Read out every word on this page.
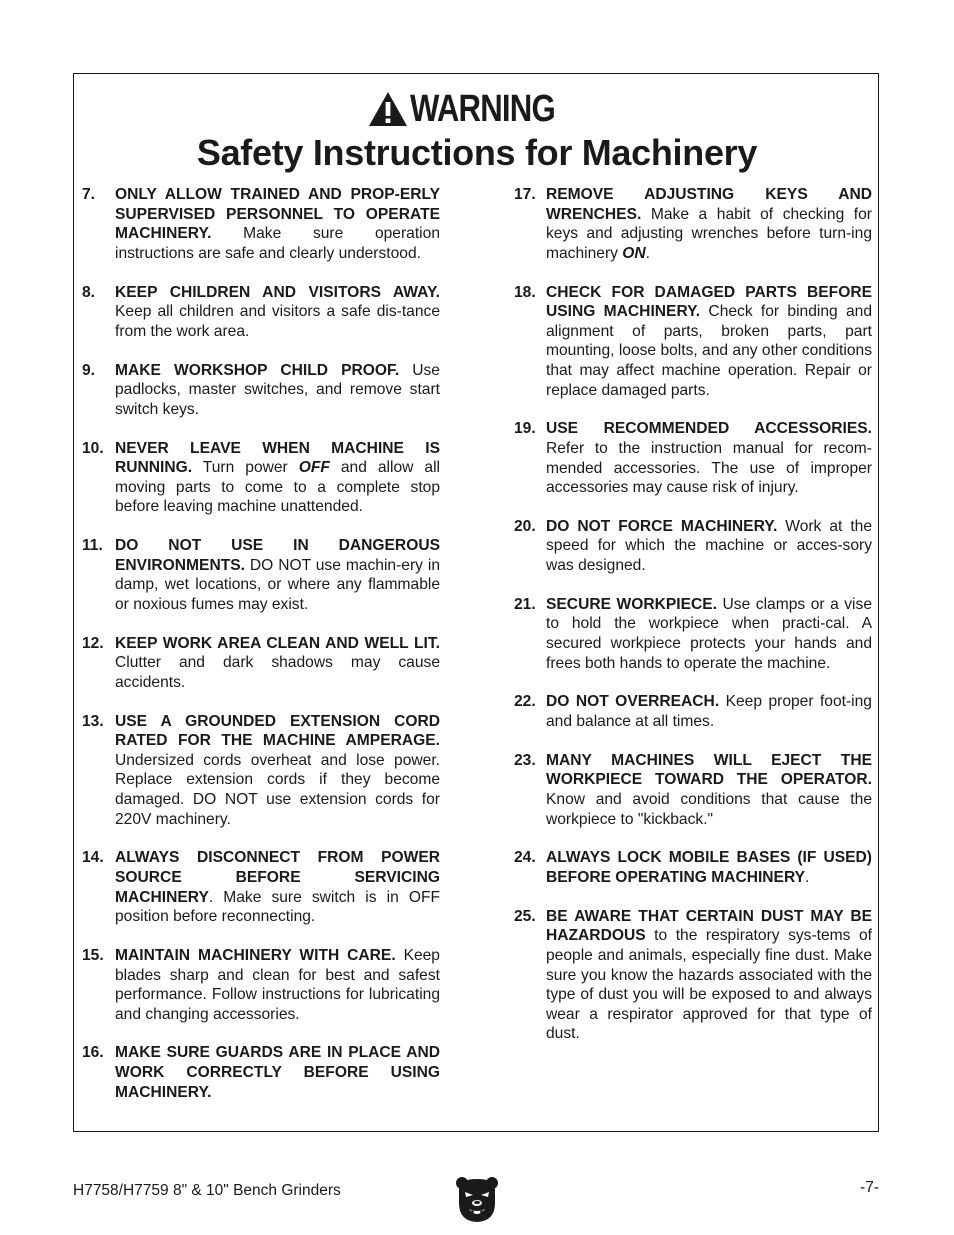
WARNING
Safety Instructions for Machinery
7.	ONLY ALLOW TRAINED AND PROP-ERLY SUPERVISED PERSONNEL TO OPERATE MACHINERY. Make sure operation instructions are safe and clearly understood.
8.	KEEP CHILDREN AND VISITORS AWAY. Keep all children and visitors a safe dis-tance from the work area.
9.	MAKE WORKSHOP CHILD PROOF. Use padlocks, master switches, and remove start switch keys.
10. NEVER LEAVE WHEN MACHINE IS RUNNING. Turn power OFF and allow all moving parts to come to a complete stop before leaving machine unattended.
11. DO NOT USE IN DANGEROUS ENVIRONMENTS. DO NOT use machin-ery in damp, wet locations, or where any flammable or noxious fumes may exist.
12. KEEP WORK AREA CLEAN AND WELL LIT. Clutter and dark shadows may cause accidents.
13. USE A GROUNDED EXTENSION CORD RATED FOR THE MACHINE AMPERAGE. Undersized cords overheat and lose power. Replace extension cords if they become damaged. DO NOT use extension cords for 220V machinery.
14. ALWAYS DISCONNECT FROM POWER SOURCE BEFORE SERVICING MACHINERY. Make sure switch is in OFF position before reconnecting.
15. MAINTAIN MACHINERY WITH CARE. Keep blades sharp and clean for best and safest performance. Follow instructions for lubricating and changing accessories.
16. MAKE SURE GUARDS ARE IN PLACE AND WORK CORRECTLY BEFORE USING MACHINERY.
17. REMOVE ADJUSTING KEYS AND WRENCHES. Make a habit of checking for keys and adjusting wrenches before turn-ing machinery ON.
18. CHECK FOR DAMAGED PARTS BEFORE USING MACHINERY. Check for binding and alignment of parts, broken parts, part mounting, loose bolts, and any other conditions that may affect machine operation. Repair or replace damaged parts.
19. USE RECOMMENDED ACCESSORIES. Refer to the instruction manual for recom-mended accessories. The use of improper accessories may cause risk of injury.
20. DO NOT FORCE MACHINERY. Work at the speed for which the machine or acces-sory was designed.
21. SECURE WORKPIECE. Use clamps or a vise to hold the workpiece when practi-cal. A secured workpiece protects your hands and frees both hands to operate the machine.
22. DO NOT OVERREACH. Keep proper foot-ing and balance at all times.
23. MANY MACHINES WILL EJECT THE WORKPIECE TOWARD THE OPERATOR. Know and avoid conditions that cause the workpiece to "kickback."
24. ALWAYS LOCK MOBILE BASES (IF USED) BEFORE OPERATING MACHINERY.
25. BE AWARE THAT CERTAIN DUST MAY BE HAZARDOUS to the respiratory sys-tems of people and animals, especially fine dust. Make sure you know the hazards associated with the type of dust you will be exposed to and always wear a respirator approved for that type of dust.
H7758/H7759 8" & 10" Bench Grinders	-7-
